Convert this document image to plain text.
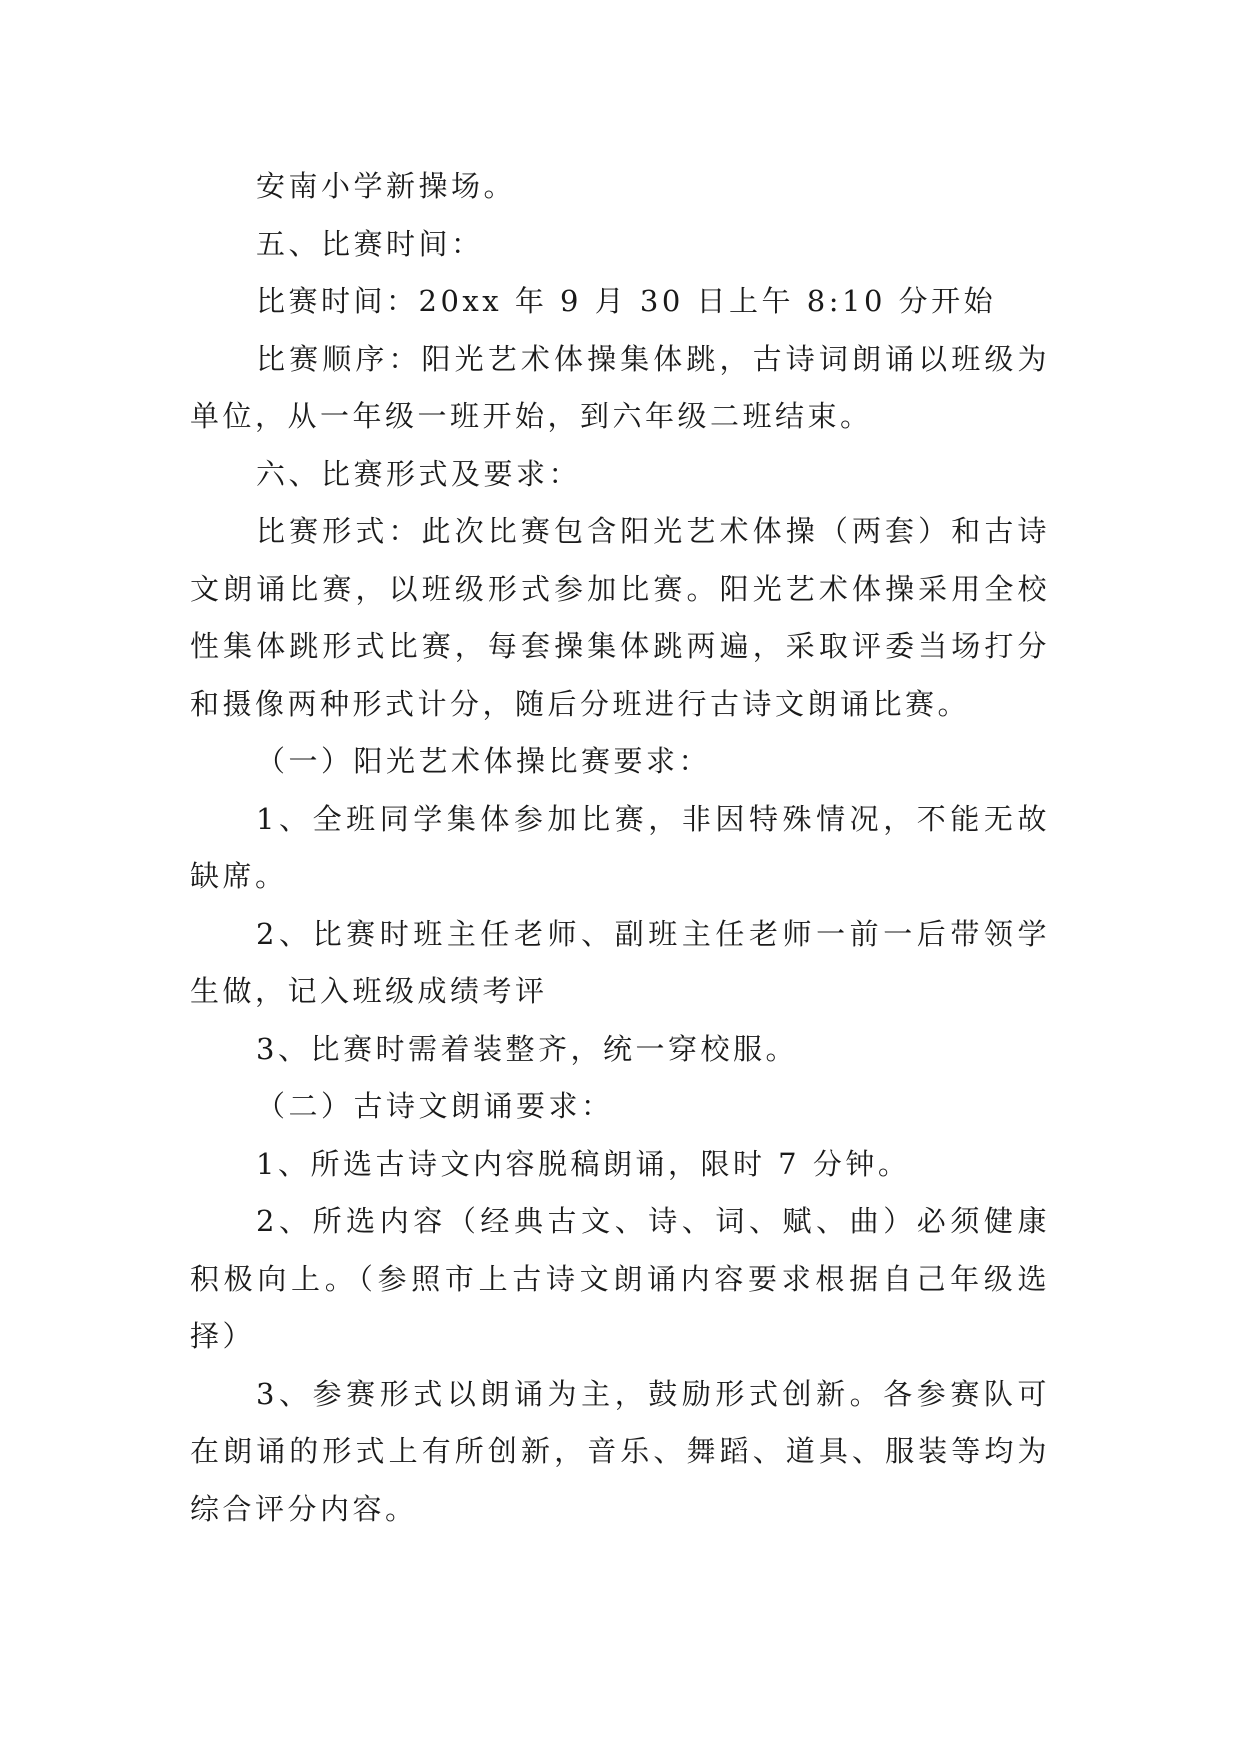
安南小学新操场。

五、比赛时间：

比赛时间：20xx 年 9 月 30 日上午 8:10 分开始

比赛顺序：阳光艺术体操集体跳，古诗词朗诵以班级为单位，从一年级一班开始，到六年级二班结束。

六、比赛形式及要求：

比赛形式：此次比赛包含阳光艺术体操（两套）和古诗文朗诵比赛，以班级形式参加比赛。阳光艺术体操采用全校性集体跳形式比赛，每套操集体跳两遍，采取评委当场打分和摄像两种形式计分，随后分班进行古诗文朗诵比赛。

（一）阳光艺术体操比赛要求：

1、全班同学集体参加比赛，非因特殊情况，不能无故缺席。

2、比赛时班主任老师、副班主任老师一前一后带领学生做，记入班级成绩考评

3、比赛时需着装整齐，统一穿校服。

（二）古诗文朗诵要求：

1、所选古诗文内容脱稿朗诵，限时 7 分钟。

2、所选内容（经典古文、诗、词、赋、曲）必须健康积极向上。（参照市上古诗文朗诵内容要求根据自己年级选择）

3、参赛形式以朗诵为主，鼓励形式创新。各参赛队可在朗诵的形式上有所创新，音乐、舞蹈、道具、服装等均为综合评分内容。
